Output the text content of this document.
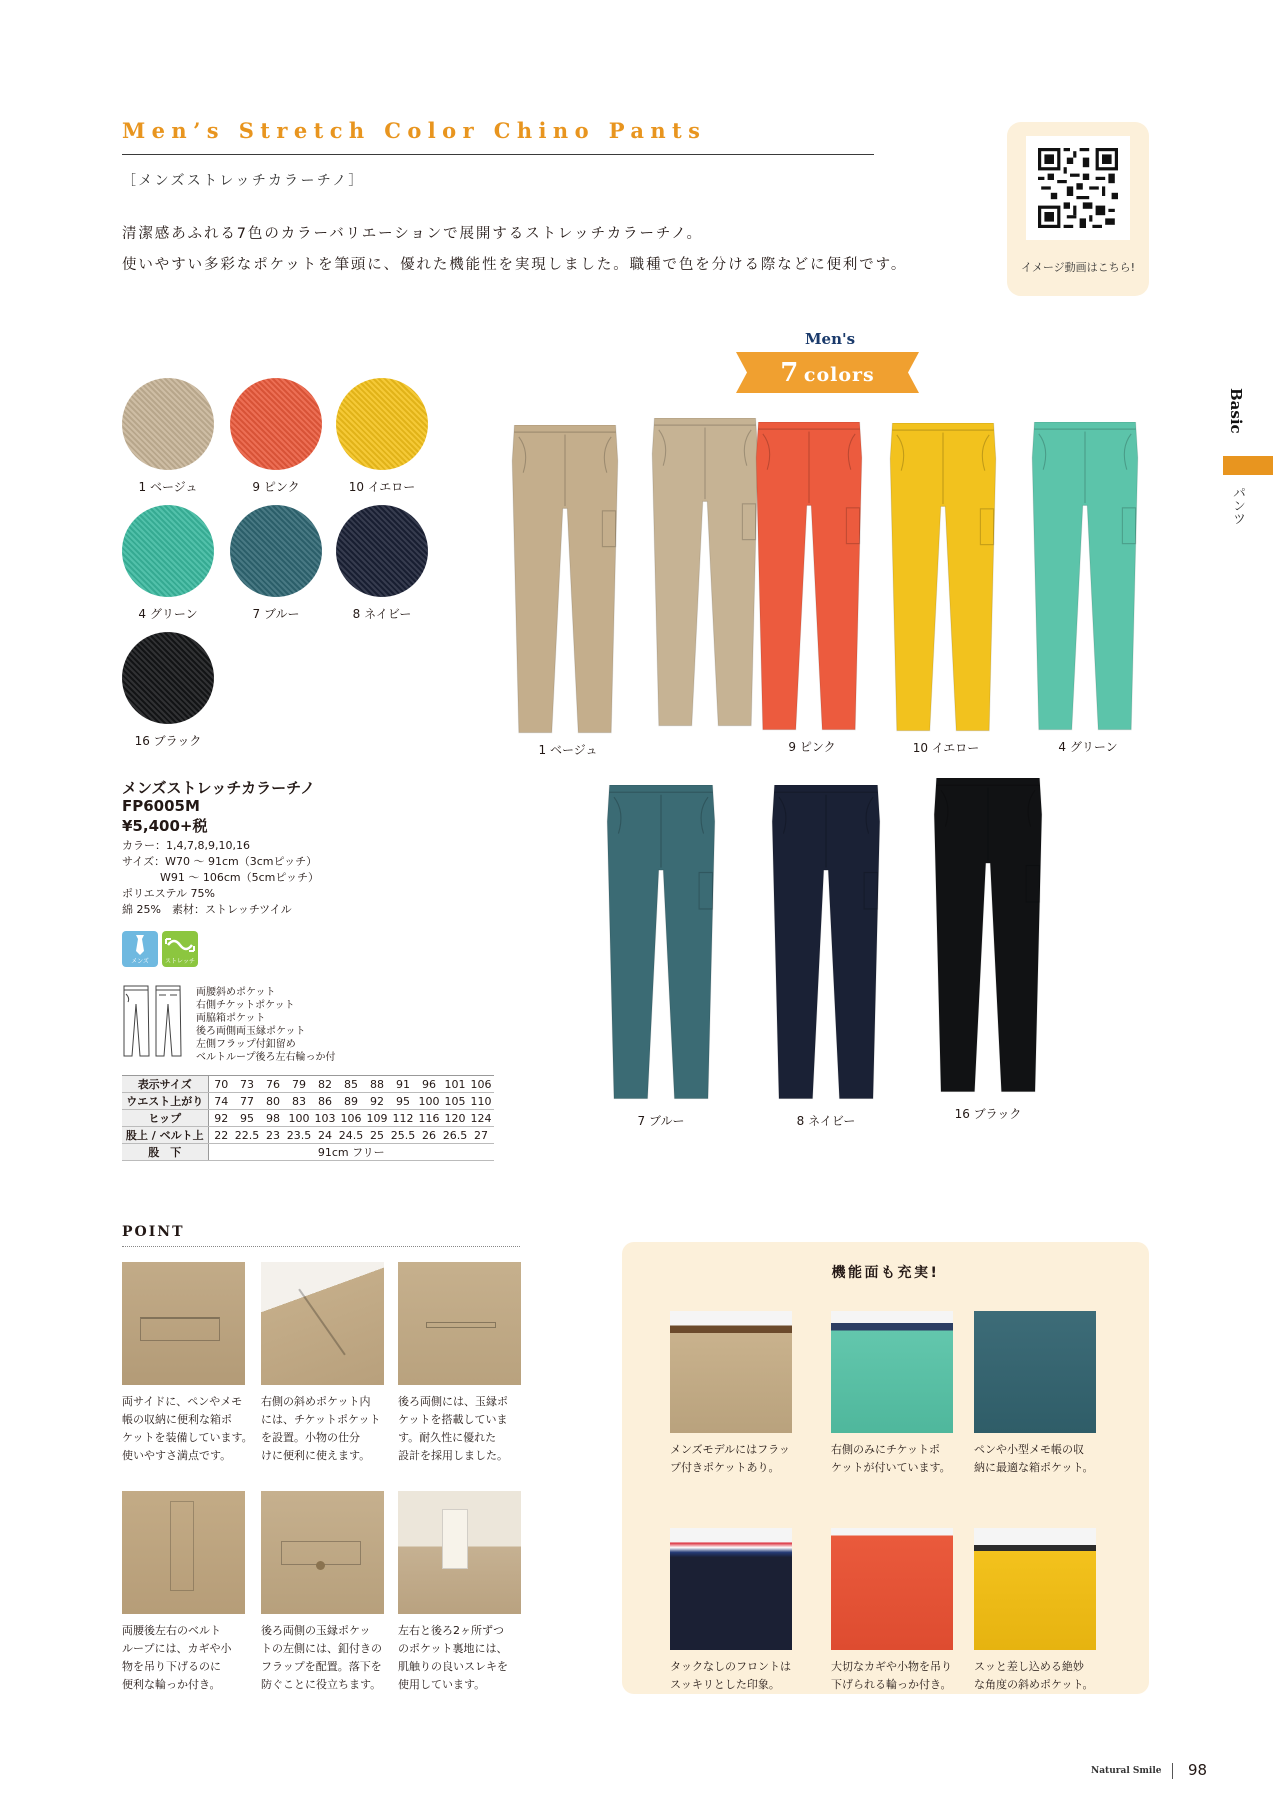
Men’s Stretch Color Chino Pants
［メンズストレッチカラーチノ］
清潔感あふれる7色のカラーバリエーションで展開するストレッチカラーチノ。
使いやすい多彩なポケットを筆頭に、優れた機能性を実現しました。職種で色を分ける際などに便利です。	イメージ動画はこちら!
Basic
パンツ
Men's
7 colors
1 ベージュ	9 ピンク	10 イエロー
4 グリーン	7 ブルー	8 ネイビー
16 ブラック
1 ベージュ	9 ピンク	10 イエロー	4 グリーン
7 ブルー	8 ネイビー	16 ブラック
メンズストレッチカラーチノ
FP6005M
¥5,400+税
カラー：1,4,7,8,9,10,16
サイズ：W70 ～ 91cm（3cmピッチ）
W91 ～ 106cm（5cmピッチ）
ポリエステル 75%
綿 25%　素材：ストレッチツイル
メンズ	ストレッチ
両腰斜めポケット
右側チケットポケット
両脇箱ポケット
後ろ両側両玉縁ポケット
左側フラップ付釦留め
ベルトループ後ろ左右輪っか付
表示サイズ	70	73	76	79	82	85	88	91	96	101	106
ウエスト上がり	74	77	80	83	86	89	92	95	100	105	110
ヒップ	92	95	98	100	103	106	109	112	116	120	124
股上 / ベルト上	22	22.5	23	23.5	24	24.5	25	25.5	26	26.5	27
股　下	91cm フリー										
POINT
両サイドに、ペンやメモ
帳の収納に便利な箱ポ
ケットを装備しています。
使いやすさ満点です。
右側の斜めポケット内
には、チケットポケット
を設置。小物の仕分
けに便利に使えます。
後ろ両側には、玉縁ポ
ケットを搭載していま
す。耐久性に優れた
設計を採用しました。
両腰後左右のベルト
ループには、カギや小
物を吊り下げるのに
便利な輪っか付き。
後ろ両側の玉縁ポケッ
トの左側には、釦付きの
フラップを配置。落下を
防ぐことに役立ちます。
左右と後ろ2ヶ所ずつ
のポケット裏地には、
肌触りの良いスレキを
使用しています。
機能面も充実!
メンズモデルにはフラッ
プ付きポケットあり。
右側のみにチケットポ
ケットが付いています。
ペンや小型メモ帳の収
納に最適な箱ポケット。
タックなしのフロントは
スッキリとした印象。
大切なカギや小物を吊り
下げられる輪っか付き。
スッと差し込める絶妙
な角度の斜めポケット。
Natural Smile 98
